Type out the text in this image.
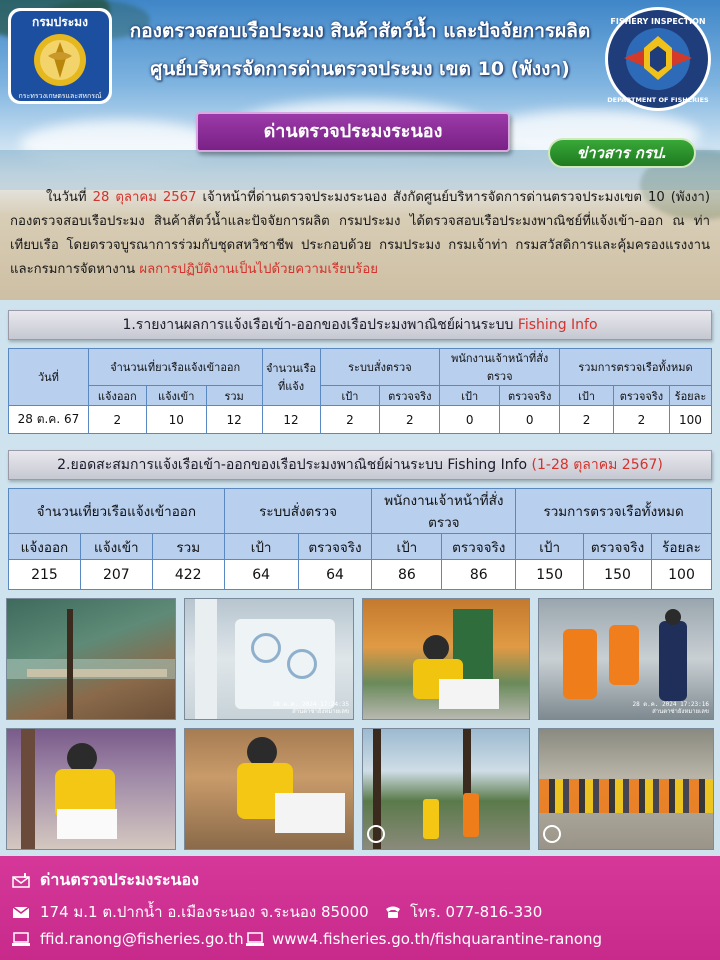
กรมประมง
กระทรวงเกษตรและสหกรณ์
FISHERY INSPECTION
DEPARTMENT OF FISHERIES
กองตรวจสอบเรือประมง สินค้าสัตว์น้ำ และปัจจัยการผลิต
ศูนย์บริหารจัดการด่านตรวจประมง เขต 10 (พังงา)
ด่านตรวจประมงระนอง
ข่าวสาร กรป.
ในวันที่ 28 ตุลาคม 2567 เจ้าหน้าที่ด่านตรวจประมงระนอง สังกัดศูนย์บริหารจัดการด่านตรวจประมงเขต 10 (พังงา) กองตรวจสอบเรือประมง สินค้าสัตว์น้ำและปัจจัยการผลิต กรมประมง ได้ตรวจสอบเรือประมงพาณิชย์ที่แจ้งเข้า-ออก ณ ท่าเทียบเรือ โดยตรวจบูรณาการร่วมกับชุดสหวิชาชีพ ประกอบด้วย กรมประมง กรมเจ้าท่า กรมสวัสดิการและคุ้มครองแรงงาน และกรมการจัดหางาน ผลการปฏิบัติงานเป็นไปด้วยความเรียบร้อย
1.รายงานผลการแจ้งเรือเข้า-ออกของเรือประมงพาณิชย์ผ่านระบบ Fishing Info
วันที่	จำนวนเที่ยวเรือแจ้งเข้าออก			จำนวนเรือที่แจ้ง	ระบบสั่งตรวจ		พนักงานเจ้าหน้าที่สั่งตรวจ		รวมการตรวจเรือทั้งหมด		
	แจ้งออก	แจ้งเข้า	รวม		เป้า	ตรวจจริง	เป้า	ตรวจจริง	เป้า	ตรวจจริง	ร้อยละ
28 ต.ค. 67	2	10	12	12	2	2	0	0	2	2	100
2.ยอดสะสมการแจ้งเรือเข้า-ออกของเรือประมงพาณิชย์ผ่านระบบ Fishing Info (1-28 ตุลาคม 2567)
จำนวนเที่ยวเรือแจ้งเข้าออก			ระบบสั่งตรวจ		พนักงานเจ้าหน้าที่สั่งตรวจ		รวมการตรวจเรือทั้งหมด		
แจ้งออก	แจ้งเข้า	รวม	เป้า	ตรวจจริง	เป้า	ตรวจจริง	เป้า	ตรวจจริง	ร้อยละ
215	207	422	64	64	86	86	150	150	100
28 ต.ค. 2024 17:24:35
ส่านตาซ่ายังหมายเลข
28 ต.ค. 2024 17:23:16
ส่านตาซ่ายังหมายเลข
ด่านตรวจประมงระนอง
174 ม.1 ต.ปากน้ำ อ.เมืองระนอง จ.ระนอง 85000	โทร. 077-816-330
ffid.ranong@fisheries.go.th www4.fisheries.go.th/fishquarantine-ranong
